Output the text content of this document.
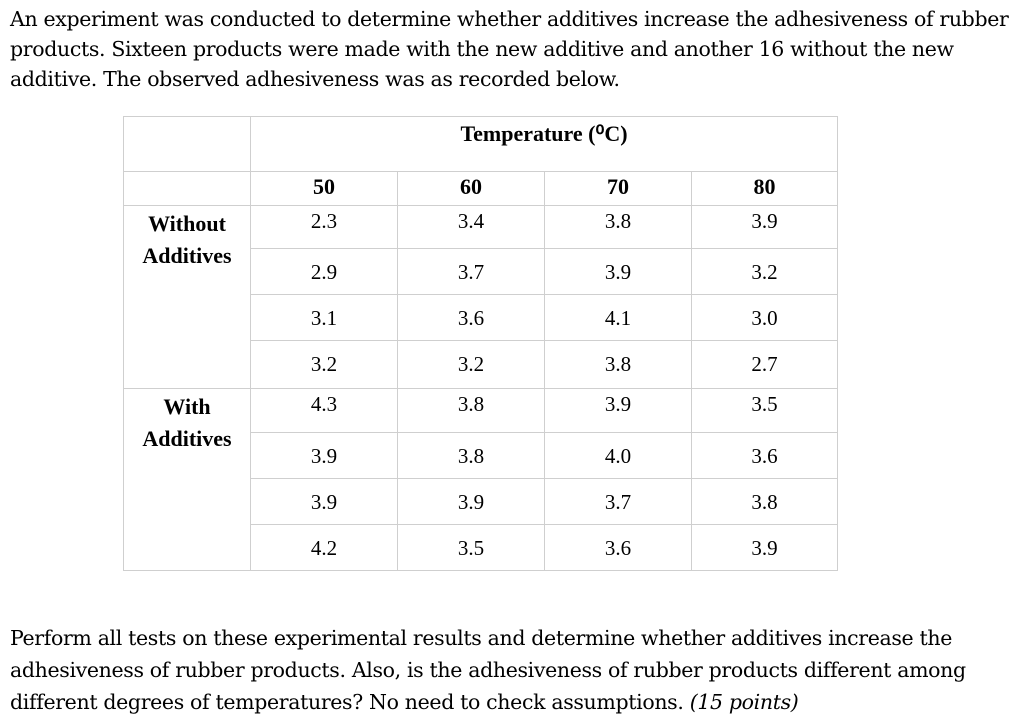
An experiment was conducted to determine whether additives increase the adhesiveness of rubber
products. Sixteen products were made with the new additive and another 16 without the new
additive. The observed adhesiveness was as recorded below.
Temperature (⁰C)
50	60	70	80
Without
Additives
2.3	3.4	3.8	3.9
2.9	3.7	3.9	3.2
3.1	3.6	4.1	3.0
3.2	3.2	3.8	2.7
With
Additives
4.3	3.8	3.9	3.5
3.9	3.8	4.0	3.6
3.9	3.9	3.7	3.8
4.2	3.5	3.6	3.9
Perform all tests on these experimental results and determine whether additives increase the
adhesiveness of rubber products. Also, is the adhesiveness of rubber products different among
different degrees of temperatures? No need to check assumptions. (15 points)
